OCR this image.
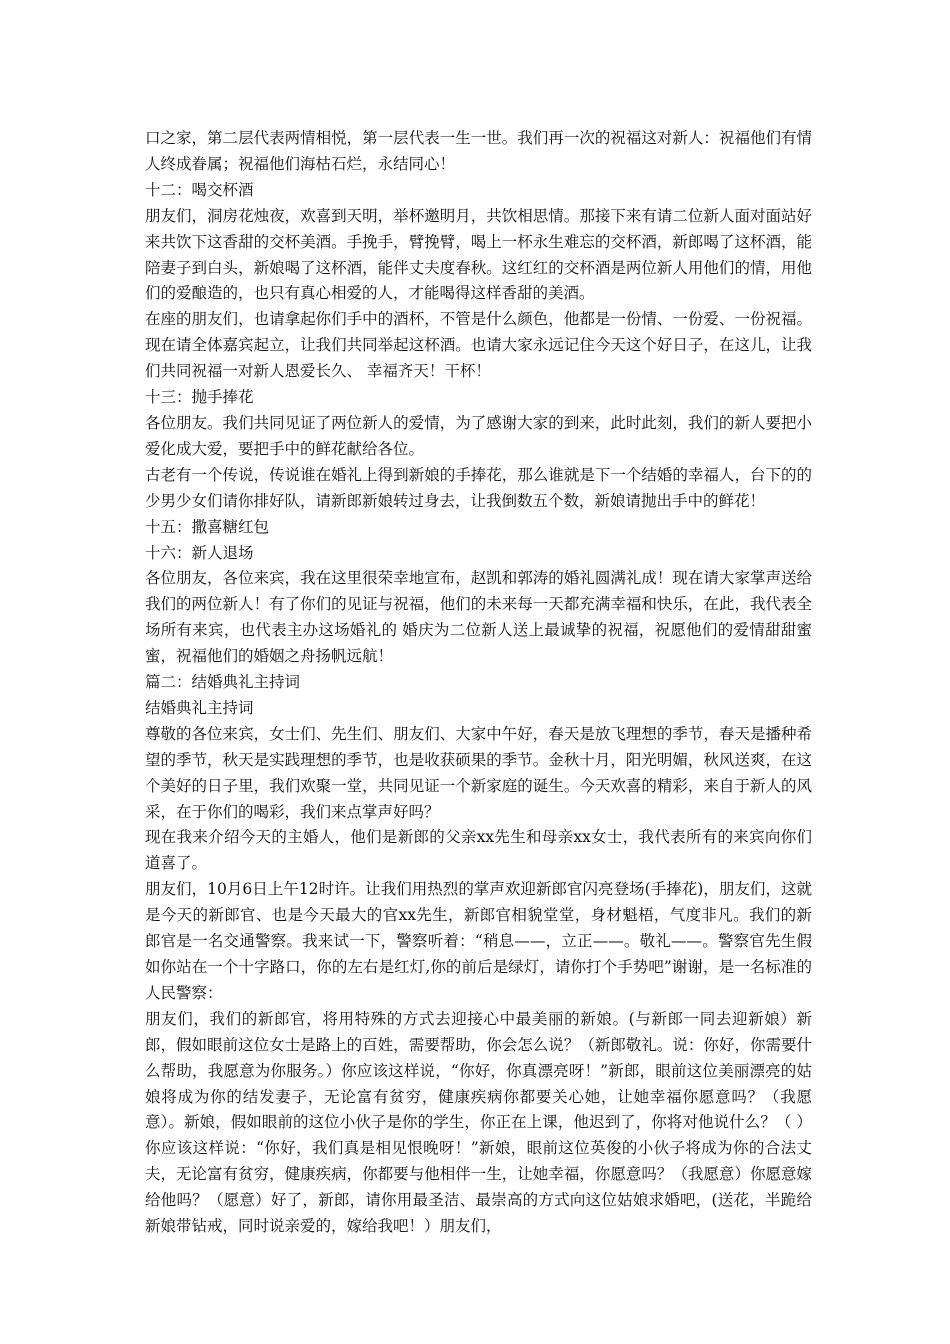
口之家，第二层代表两情相悦，第一层代表一生一世。我们再一次的祝福这对新人：祝福他们有情人终成眷属；祝福他们海枯石烂，永结同心！

十二：喝交杯酒

朋友们，洞房花烛夜，欢喜到天明，举杯邀明月，共饮相思情。那接下来有请二位新人面对面站好来共饮下这香甜的交杯美酒。手挽手，臂挽臂，喝上一杯永生难忘的交杯酒，新郎喝了这杯酒，能陪妻子到白头，新娘喝了这杯酒，能伴丈夫度春秋。这红红的交杯酒是两位新人用他们的情，用他们的爱酿造的，也只有真心相爱的人，才能喝得这样香甜的美酒。

在座的朋友们，也请拿起你们手中的酒杯，不管是什么颜色，他都是一份情、一份爱、一份祝福。现在请全体嘉宾起立，让我们共同举起这杯酒。也请大家永远记住今天这个好日子，在这儿，让我们共同祝福一对新人恩爱长久、 幸福齐天！干杯！

十三：抛手捧花

各位朋友。我们共同见证了两位新人的爱情，为了感谢大家的到来，此时此刻，我们的新人要把小爱化成大爱，要把手中的鲜花献给各位。

古老有一个传说，传说谁在婚礼上得到新娘的手捧花，那么谁就是下一个结婚的幸福人，台下的的少男少女们请你排好队，请新郎新娘转过身去，让我倒数五个数，新娘请抛出手中的鲜花！

十五：撒喜糖红包

十六：新人退场

各位朋友，各位来宾，我在这里很荣幸地宣布，赵凯和郭涛的婚礼圆满礼成！现在请大家掌声送给我们的两位新人！有了你们的见证与祝福，他们的未来每一天都充满幸福和快乐，在此，我代表全场所有来宾，也代表主办这场婚礼的 婚庆为二位新人送上最诚挚的祝福，祝愿他们的爱情甜甜蜜蜜，祝福他们的婚姻之舟扬帆远航！

篇二：结婚典礼主持词

结婚典礼主持词

尊敬的各位来宾，女士们、先生们、朋友们、大家中午好，春天是放飞理想的季节，春天是播种希望的季节，秋天是实践理想的季节，也是收获硕果的季节。金秋十月，阳光明媚，秋风送爽，在这个美好的日子里，我们欢聚一堂，共同见证一个新家庭的诞生。今天欢喜的精彩，来自于新人的风采，在于你们的喝彩，我们来点掌声好吗？

现在我来介绍今天的主婚人，他们是新郎的父亲xx先生和母亲xx女士，我代表所有的来宾向你们道喜了。

朋友们，10月6日上午12时许。让我们用热烈的掌声欢迎新郎官闪亮登场(手捧花)，朋友们，这就是今天的新郎官、也是今天最大的官xx先生，新郎官相貌堂堂，身材魁梧，气度非凡。我们的新郎官是一名交通警察。我来试一下，警察听着：“稍息——，立正——。敬礼——。警察官先生假如你站在一个十字路口，你的左右是红灯,你的前后是绿灯，请你打个手势吧”谢谢，是一名标准的人民警察：

朋友们，我们的新郎官，将用特殊的方式去迎接心中最美丽的新娘。(与新郎一同去迎新娘）新郎，假如眼前这位女士是路上的百姓，需要帮助，你会怎么说？（新郎敬礼。说：你好，你需要什么帮助，我愿意为你服务。）你应该这样说，“你好，你真漂亮呀！”新郎，眼前这位美丽漂亮的姑娘将成为你的结发妻子，无论富有贫穷，健康疾病你都要关心她，让她幸福你愿意吗？（我愿意）。新娘，假如眼前的这位小伙子是你的学生，你正在上课，他迟到了，你将对他说什么？（ ）你应该这样说：“你好，我们真是相见恨晚呀！”新娘，眼前这位英俊的小伙子将成为你的合法丈夫，无论富有贫穷，健康疾病，你都要与他相伴一生，让她幸福，你愿意吗？（我愿意）你愿意嫁给他吗？（愿意）好了，新郎，请你用最圣洁、最崇高的方式向这位姑娘求婚吧，(送花，半跪给新娘带钻戒，同时说亲爱的，嫁给我吧！）朋友们，
